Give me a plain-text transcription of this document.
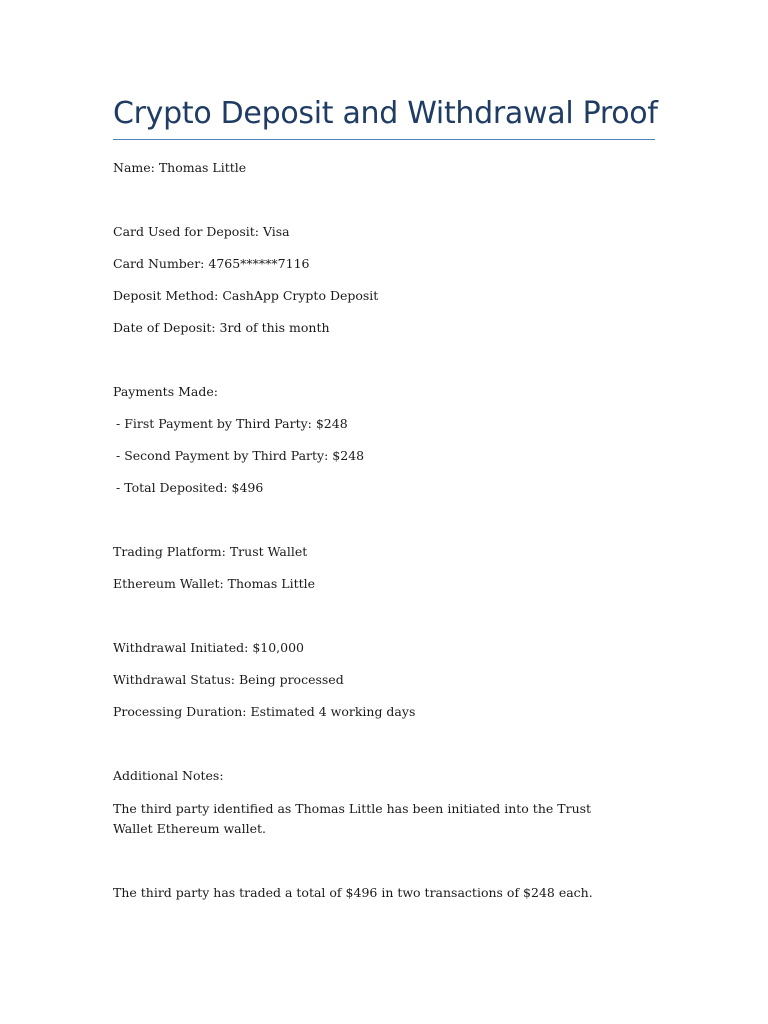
Crypto Deposit and Withdrawal Proof

Name: Thomas Little

Card Used for Deposit: Visa

Card Number: 4765******7116

Deposit Method: CashApp Crypto Deposit

Date of Deposit: 3rd of this month

Payments Made:

- First Payment by Third Party: $248

- Second Payment by Third Party: $248

- Total Deposited: $496

Trading Platform: Trust Wallet

Ethereum Wallet: Thomas Little

Withdrawal Initiated: $10,000

Withdrawal Status: Being processed

Processing Duration: Estimated 4 working days

Additional Notes:

The third party identified as Thomas Little has been initiated into the Trust Wallet Ethereum wallet.

The third party has traded a total of $496 in two transactions of $248 each.
